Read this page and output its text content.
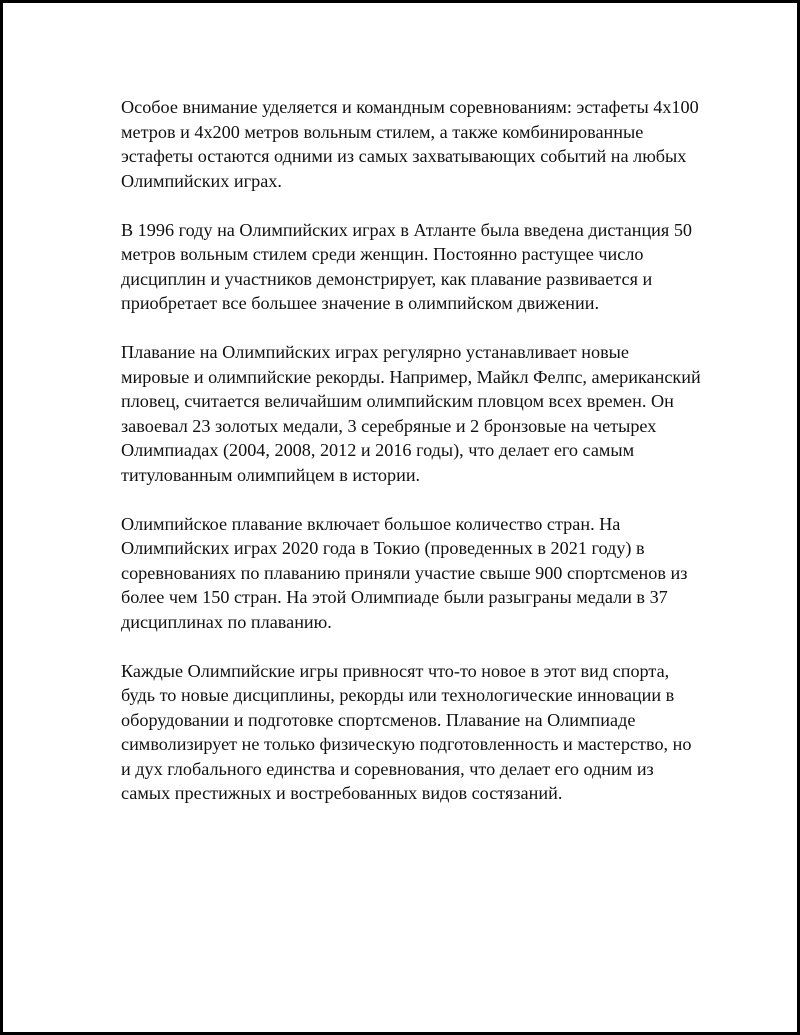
Особое внимание уделяется и командным соревнованиям: эстафеты 4x100 метров и 4x200 метров вольным стилем, а также комбинированные эстафеты остаются одними из самых захватывающих событий на любых Олимпийских играх.

В 1996 году на Олимпийских играх в Атланте была введена дистанция 50 метров вольным стилем среди женщин. Постоянно растущее число дисциплин и участников демонстрирует, как плавание развивается и приобретает все большее значение в олимпийском движении.

Плавание на Олимпийских играх регулярно устанавливает новые мировые и олимпийские рекорды. Например, Майкл Фелпс, американский пловец, считается величайшим олимпийским пловцом всех времен. Он завоевал 23 золотых медали, 3 серебряные и 2 бронзовые на четырех Олимпиадах (2004, 2008, 2012 и 2016 годы), что делает его самым титулованным олимпийцем в истории.

Олимпийское плавание включает большое количество стран. На Олимпийских играх 2020 года в Токио (проведенных в 2021 году) в соревнованиях по плаванию приняли участие свыше 900 спортсменов из более чем 150 стран. На этой Олимпиаде были разыграны медали в 37 дисциплинах по плаванию.

Каждые Олимпийские игры привносят что-то новое в этот вид спорта, будь то новые дисциплины, рекорды или технологические инновации в оборудовании и подготовке спортсменов. Плавание на Олимпиаде символизирует не только физическую подготовленность и мастерство, но и дух глобального единства и соревнования, что делает его одним из самых престижных и востребованных видов состязаний.
